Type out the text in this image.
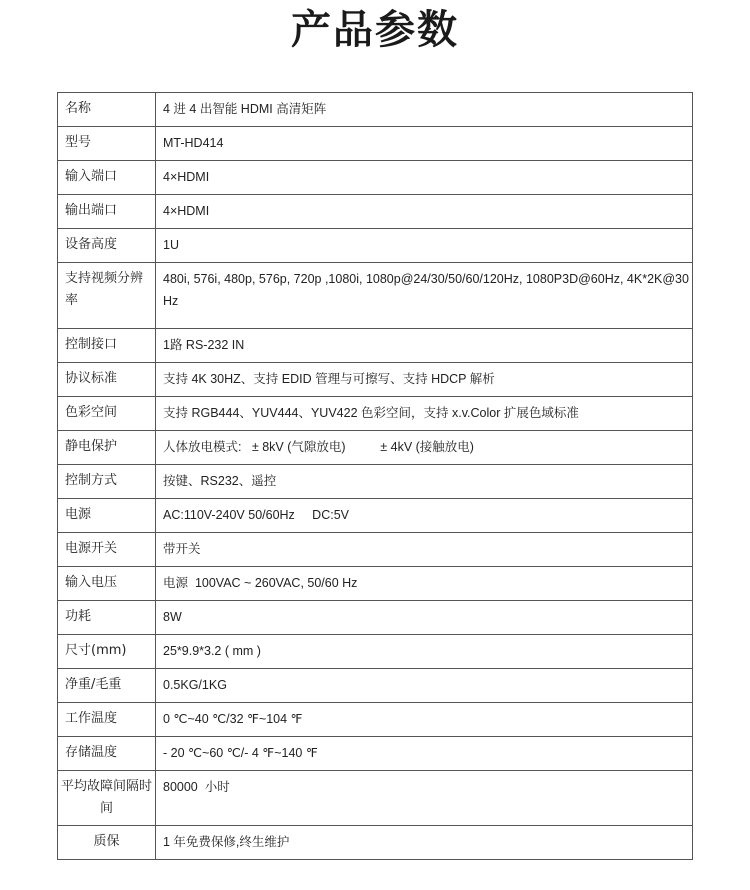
产品参数
名称	4 进 4 出智能 HDMI 高清矩阵
型号	MT-HD414
输入端口	4×HDMI
输出端口	4×HDMI
设备高度	1U
支持视频分辨率	480i, 576i, 480p, 576p, 720p ,1080i, 1080p@24/30/50/60/120Hz, 1080P3D@60Hz, 4K*2K@30Hz
控制接口	1路 RS-232 IN
协议标准	支持 4K 30HZ、支持 EDID 管理与可擦写、支持 HDCP 解析
色彩空间	支持 RGB444、YUV444、YUV422 色彩空间，支持 x.v.Color 扩展色域标准
静电保护	人体放电模式:   ± 8kV (气隙放电)          ± 4kV (接触放电)
控制方式	按键、RS232、遥控
电源	AC:110V-240V 50/60Hz     DC:5V
电源开关	带开关
输入电压	电源  100VAC ~ 260VAC, 50/60 Hz
功耗	8W
尺寸(mm)	25*9.9*3.2 ( mm )
净重/毛重	0.5KG/1KG
工作温度	0 ℃~40 ℃/32 ℉~104 ℉
存储温度	- 20 ℃~60 ℃/- 4 ℉~140 ℉
平均故障间隔时间	80000  小时
质保	1 年免费保修,终生维护
